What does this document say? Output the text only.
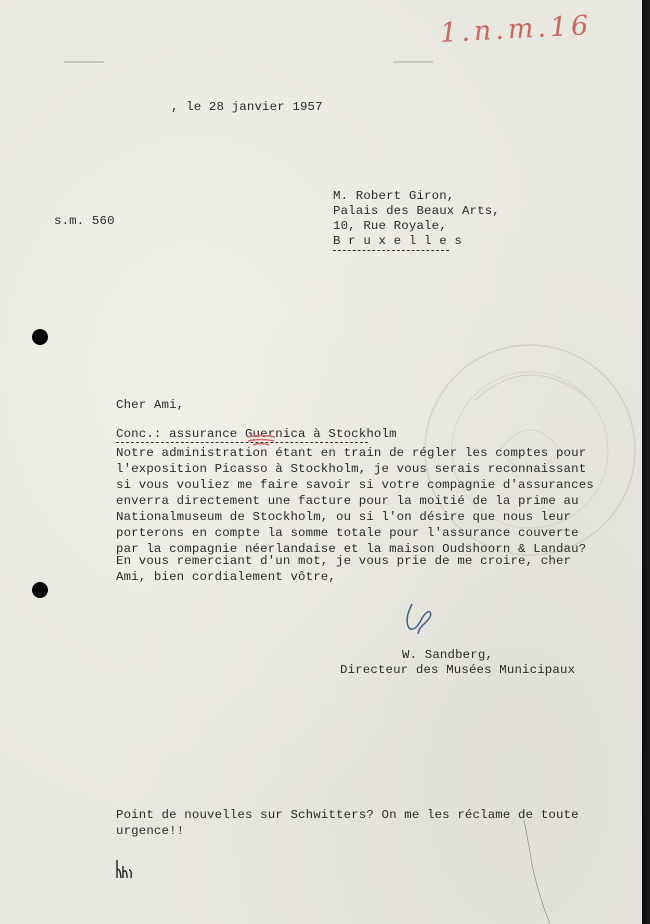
1.n.m.16
, le 28 janvier 1957
s.m. 560
M. Robert Giron,
Palais des Beaux Arts,
10, Rue Royale,
B r u x e l l e s
Cher Ami,
Conc.: assurance Guernica à Stockholm
Notre administration étant en train de régler les comptes pour
l'exposition Picasso à Stockholm, je vous serais reconnaissant
si vous vouliez me faire savoir si votre compagnie d'assurances
enverra directement une facture pour la moitié de la prime au
Nationalmuseum de Stockholm, ou si l'on désire que nous leur
porterons en compte la somme totale pour l'assurance couverte
par la compagnie néerlandaise et la maison Oudshoorn & Landau?
En vous remerciant d'un mot, je vous prie de me croire, cher
Ami, bien cordialement vôtre,
W. Sandberg,
Directeur des Musées Municipaux
Point de nouvelles sur Schwitters? On me les réclame de toute
urgence!!
